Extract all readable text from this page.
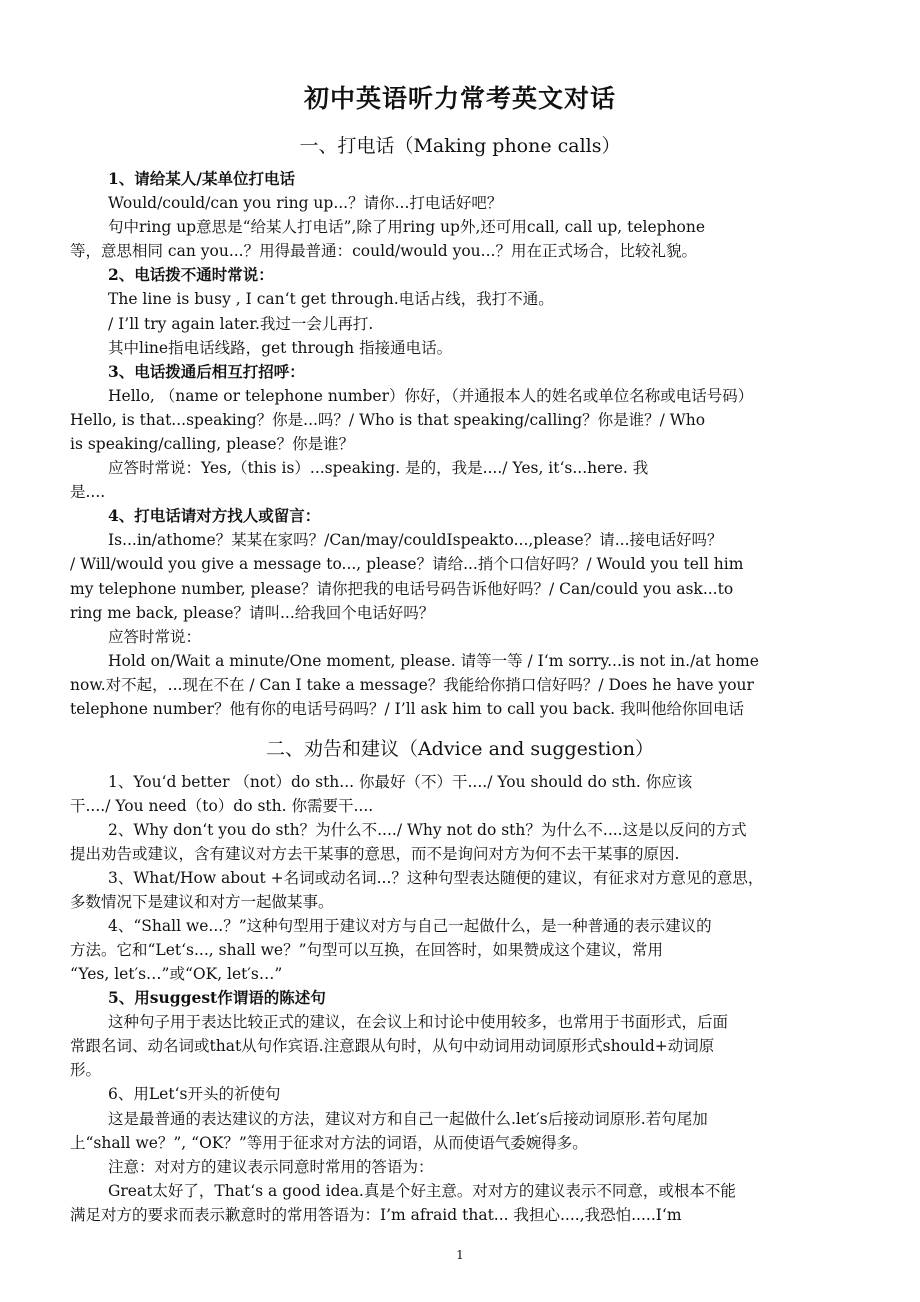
初中英语听力常考英文对话
一、打电话（Making phone calls）
1、请给某人/某单位打电话
Would/could/can you ring up...？请你...打电话好吧？
句中ring up意思是“给某人打电话”,除了用ring up外,还可用call, call up, telephone
等，意思相同 can you...？用得最普通：could/would you...？用在正式场合，比较礼貌。
2、电话拨不通时常说：
The line is busy , I can‘t get through.电话占线，我打不通。
/ I’ll try again later.我过一会儿再打.
其中line指电话线路，get through 指接通电话。
3、电话拨通后相互打招呼：
Hello, （name or telephone number）你好，（并通报本人的姓名或单位名称或电话号码）
Hello, is that...speaking？你是...吗？/ Who is that speaking/calling？你是谁？/ Who
is speaking/calling, please？你是谁？
应答时常说：Yes,（this is）...speaking. 是的，我是..../ Yes, it‘s...here. 我
是....
4、打电话请对方找人或留言：
Is...in/athome？某某在家吗？/Can/may/couldIspeakto...,please？请...接电话好吗？
/ Will/would you give a message to..., please？请给...捎个口信好吗？/ Would you tell him
my telephone number, please？请你把我的电话号码告诉他好吗？/ Can/could you ask...to
ring me back, please？请叫...给我回个电话好吗？
应答时常说：
Hold on/Wait a minute/One moment, please. 请等一等 / I‘m sorry...is not in./at home
now.对不起，...现在不在 / Can I take a message？我能给你捎口信好吗？/ Does he have your
telephone number？他有你的电话号码吗？/ I’ll ask him to call you back. 我叫他给你回电话
二、劝告和建议（Advice and suggestion）
1、You‘d better （not）do sth... 你最好（不）干..../ You should do sth. 你应该
干..../ You need（to）do sth. 你需要干....
2、Why don‘t you do sth？为什么不..../ Why not do sth？为什么不....这是以反问的方式
提出劝告或建议，含有建议对方去干某事的意思，而不是询问对方为何不去干某事的原因.
3、What/How about +名词或动名词...？这种句型表达随便的建议，有征求对方意见的意思，
多数情况下是建议和对方一起做某事。
4、“Shall we...？”这种句型用于建议对方与自己一起做什么，是一种普通的表示建议的
方法。它和“Let‘s..., shall we？”句型可以互换，在回答时，如果赞成这个建议，常用
“Yes, let′s…”或“OK, let′s…”
5、用suggest作谓语的陈述句
这种句子用于表达比较正式的建议，在会议上和讨论中使用较多，也常用于书面形式，后面
常跟名词、动名词或that从句作宾语.注意跟从句时，从句中动词用动词原形式should+动词原
形。
6、用Let‘s开头的祈使句
这是最普通的表达建议的方法，建议对方和自己一起做什么.let′s后接动词原形.若句尾加
上“shall we？”, “OK？”等用于征求对方法的词语，从而使语气委婉得多。
注意：对对方的建议表示同意时常用的答语为：
Great太好了，That‘s a good idea.真是个好主意。对对方的建议表示不同意，或根本不能
满足对方的要求而表示歉意时的常用答语为：I’m afraid that... 我担心....,我恐怕.....I‘m
1
